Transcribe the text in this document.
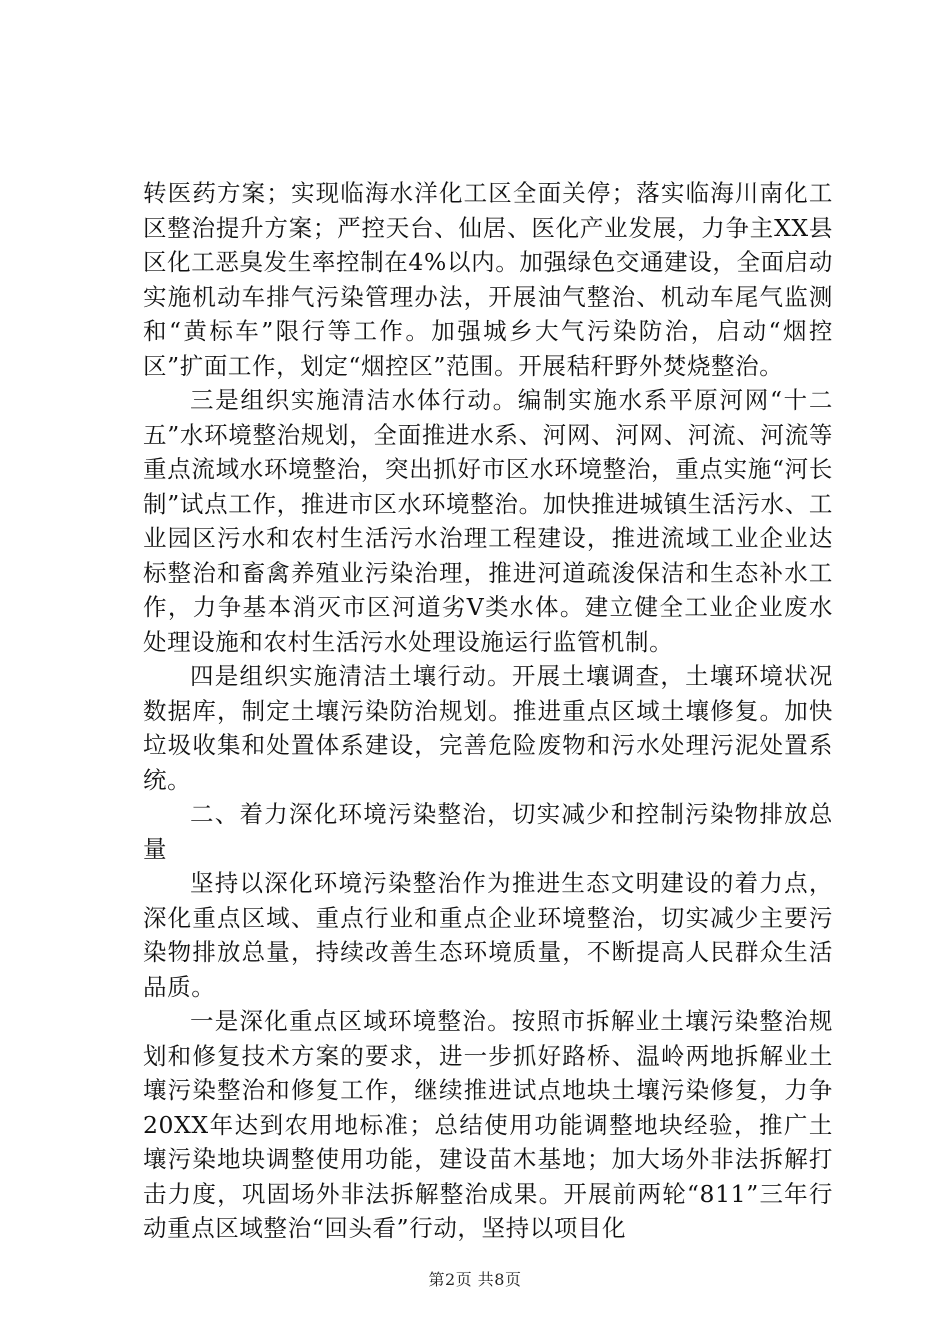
转医药方案；实现临海水洋化工区全面关停；落实临海川南化工区整治提升方案；严控天台、仙居、医化产业发展，力争主XX县区化工恶臭发生率控制在4%以内。加强绿色交通建设，全面启动实施机动车排气污染管理办法，开展油气整治、机动车尾气监测和“黄标车”限行等工作。加强城乡大气污染防治，启动“烟控区”扩面工作，划定“烟控区”范围。开展秸秆野外焚烧整治。

三是组织实施清洁水体行动。编制实施水系平原河网“十二五”水环境整治规划，全面推进水系、河网、河网、河流、河流等重点流域水环境整治，突出抓好市区水环境整治，重点实施“河长制”试点工作，推进市区水环境整治。加快推进城镇生活污水、工业园区污水和农村生活污水治理工程建设，推进流域工业企业达标整治和畜禽养殖业污染治理，推进河道疏浚保洁和生态补水工作，力争基本消灭市区河道劣Ⅴ类水体。建立健全工业企业废水处理设施和农村生活污水处理设施运行监管机制。

四是组织实施清洁土壤行动。开展土壤调查，土壤环境状况数据库，制定土壤污染防治规划。推进重点区域土壤修复。加快垃圾收集和处置体系建设，完善危险废物和污水处理污泥处置系统。

二、着力深化环境污染整治，切实减少和控制污染物排放总量

坚持以深化环境污染整治作为推进生态文明建设的着力点，深化重点区域、重点行业和重点企业环境整治，切实减少主要污染物排放总量，持续改善生态环境质量，不断提高人民群众生活品质。

一是深化重点区域环境整治。按照市拆解业土壤污染整治规划和修复技术方案的要求，进一步抓好路桥、温岭两地拆解业土壤污染整治和修复工作，继续推进试点地块土壤污染修复，力争20XX年达到农用地标准；总结使用功能调整地块经验，推广土壤污染地块调整使用功能，建设苗木基地；加大场外非法拆解打击力度，巩固场外非法拆解整治成果。开展前两轮“811”三年行动重点区域整治“回头看”行动，坚持以项目化

第2页 共8页
